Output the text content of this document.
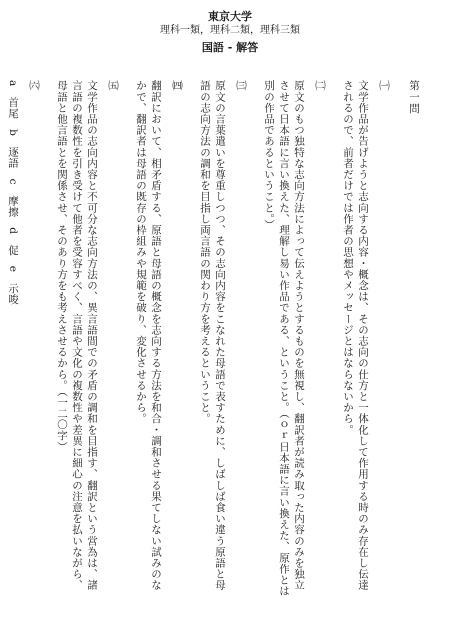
東京大学
理科一類，理科二類，理科三類
国語 - 解答
第一問
㈠
文学作品が告げようと志向する内容・概念は、その志向の仕方と一体化して作用する時のみ存在し伝達されるので、前者だけでは作者の思想やメッセージとはならないから。
㈡
原文のもつ独特な志向方法によって伝えようとするものを無視し、翻訳者が読み取った内容のみを独立させて日本語に言い換えた、理解し易い作品である、ということ。（ｏｒ日本語に言い換えた、原作とは別の作品であるということ。）
㈢
原文の言葉遣いを尊重しつつ、その志向内容をこなれた母語で表すために、しばしば食い違う原語と母語の志向方法の調和を目指し両言語の関わり方を考えるということ。
㈣
翻訳において、相矛盾する、原語と母語の概念を志向する方法を和合・調和させる果てしない試みのなかで、翻訳者は母語の既存の枠組みや規範を破り、変化させるから。
㈤
文学作品の志向内容と不可分な志向方法の、異言語間での矛盾の調和を目指す、翻訳という営為は、諸言語の複数性を引き受けて他者を受容すべく、言語や文化の複数性や差異に細心の注意を払いながら、母語と他言語とを関係させ、そのあり方をも考えさせるから。（一二〇字）
㈥
a首尾b逐語c摩擦d促e示唆
